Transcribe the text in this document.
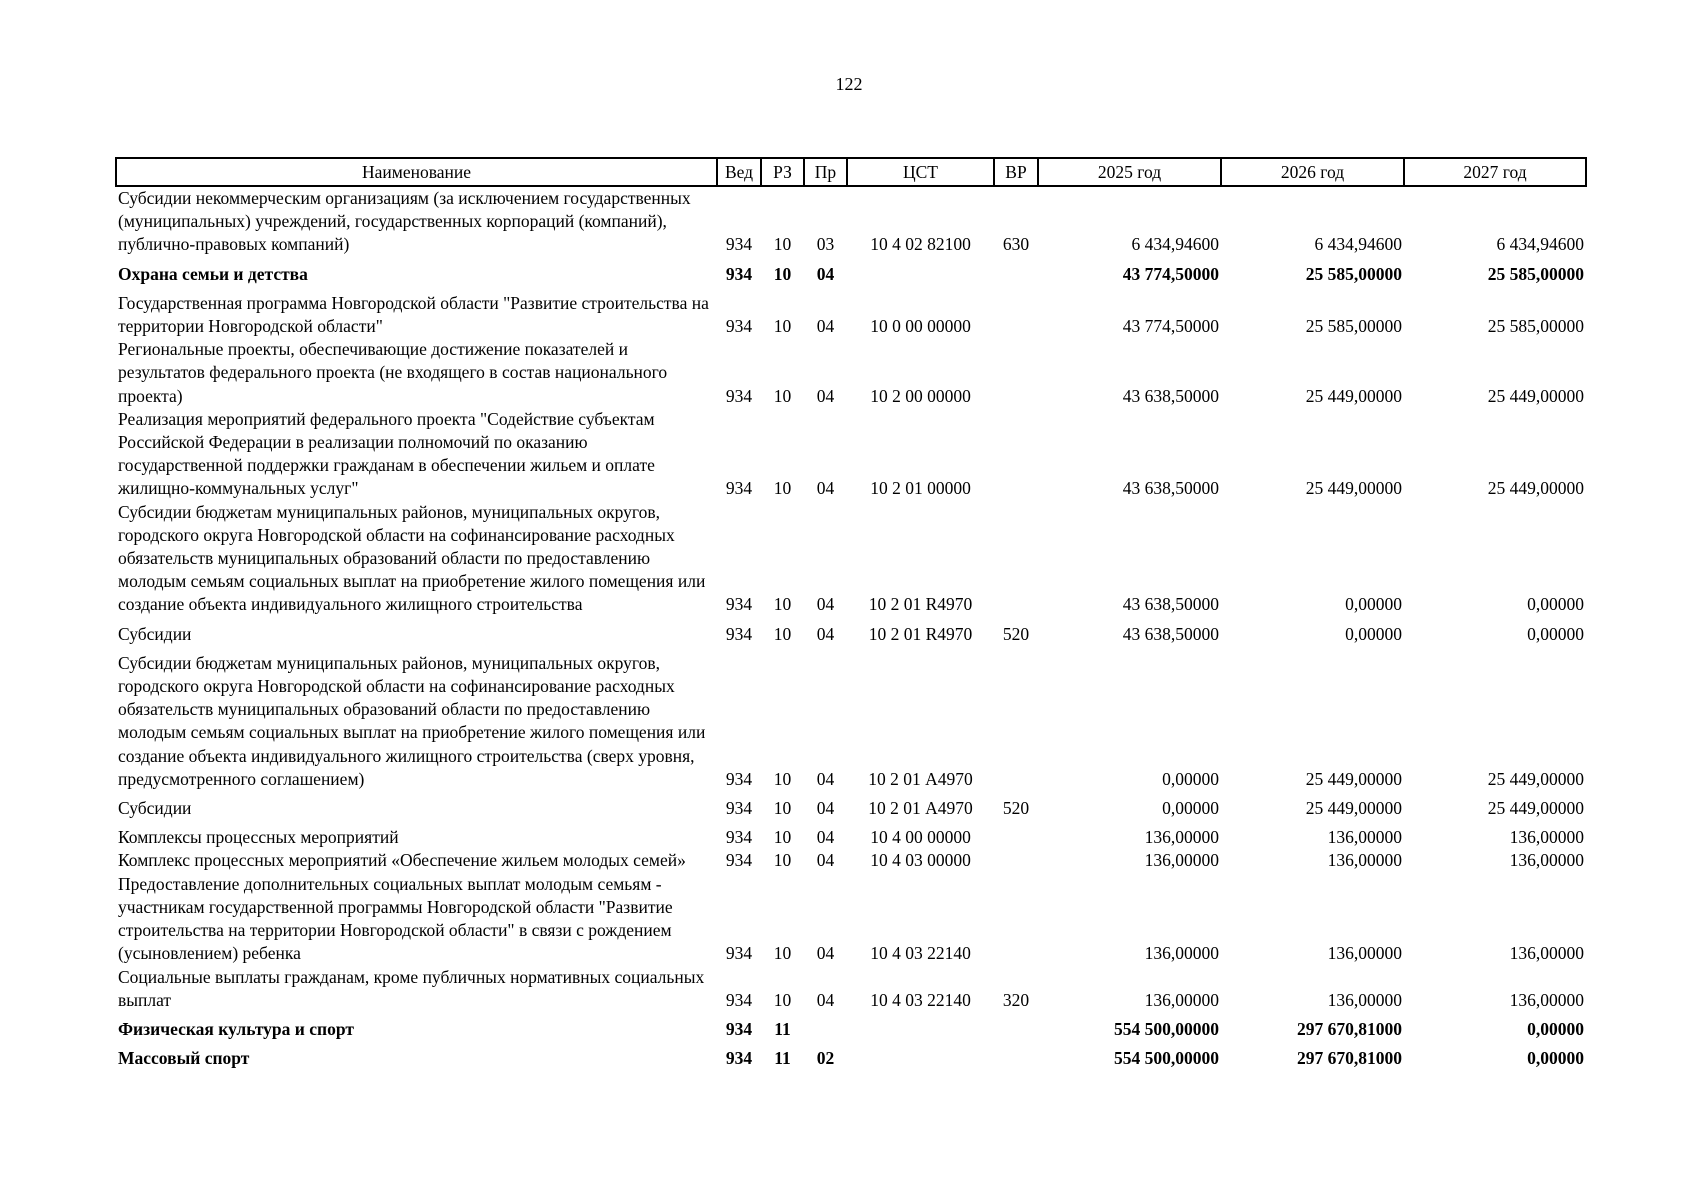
122
Наименование	Вед	РЗ	Пр	ЦСТ	ВР	2025 год	2026 год	2027 год
Субсидии некоммерческим организациям (за исключением государственных (муниципальных) учреждений, государственных корпораций (компаний), публично-правовых компаний)	934	10	03	10 4 02 82100	630	6 434,94600	6 434,94600	6 434,94600
Охрана семьи и детства	934	10	04			43 774,50000	25 585,00000	25 585,00000
Государственная программа Новгородской области "Развитие строительства на территории Новгородской области"	934	10	04	10 0 00 00000		43 774,50000	25 585,00000	25 585,00000
Региональные проекты, обеспечивающие достижение показателей и результатов федерального проекта (не входящего в состав национального проекта)	934	10	04	10 2 00 00000		43 638,50000	25 449,00000	25 449,00000
Реализация мероприятий федерального проекта "Содействие субъектам Российской Федерации в реализации полномочий по оказанию государственной поддержки гражданам в обеспечении жильем и оплате жилищно-коммунальных услуг"	934	10	04	10 2 01 00000		43 638,50000	25 449,00000	25 449,00000
Субсидии бюджетам муниципальных районов, муниципальных округов, городского округа Новгородской области на софинансирование расходных обязательств муниципальных образований области по предоставлению молодым семьям социальных выплат на приобретение жилого помещения или создание объекта индивидуального жилищного строительства	934	10	04	10 2 01 R4970		43 638,50000	0,00000	0,00000
Субсидии	934	10	04	10 2 01 R4970	520	43 638,50000	0,00000	0,00000
Субсидии бюджетам муниципальных районов, муниципальных округов, городского округа Новгородской области на софинансирование расходных обязательств муниципальных образований области по предоставлению молодым семьям социальных выплат на приобретение жилого помещения или создание объекта индивидуального жилищного строительства (сверх уровня, предусмотренного соглашением)	934	10	04	10 2 01 А4970		0,00000	25 449,00000	25 449,00000
Субсидии	934	10	04	10 2 01 А4970	520	0,00000	25 449,00000	25 449,00000
Комплексы процессных мероприятий	934	10	04	10 4 00 00000		136,00000	136,00000	136,00000
Комплекс процессных мероприятий «Обеспечение жильем молодых семей»	934	10	04	10 4 03 00000		136,00000	136,00000	136,00000
Предоставление дополнительных социальных выплат молодым семьям - участникам государственной программы Новгородской области "Развитие строительства на территории Новгородской области" в связи с рождением (усыновлением) ребенка	934	10	04	10 4 03 22140		136,00000	136,00000	136,00000
Социальные выплаты гражданам, кроме публичных нормативных социальных выплат	934	10	04	10 4 03 22140	320	136,00000	136,00000	136,00000
Физическая культура и спорт	934	11				554 500,00000	297 670,81000	0,00000
Массовый спорт	934	11	02			554 500,00000	297 670,81000	0,00000
